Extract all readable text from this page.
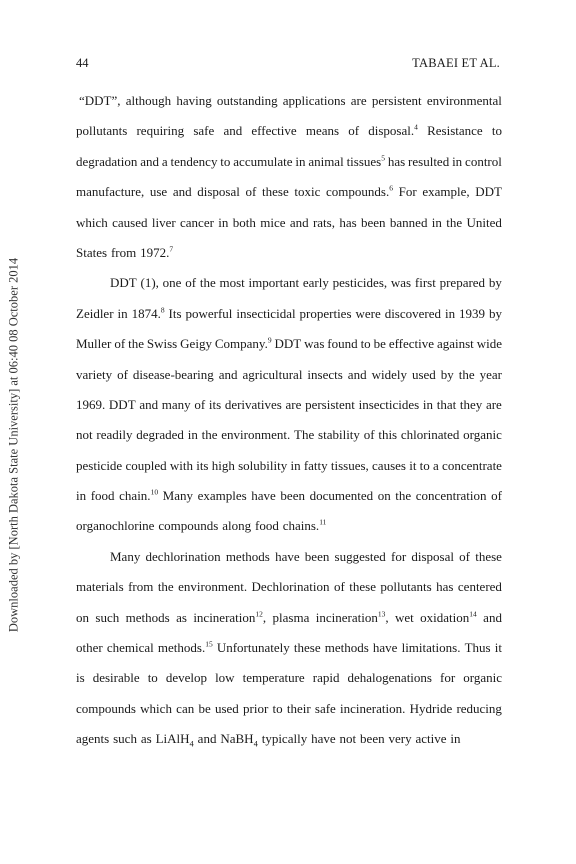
44	TABAEI ET AL.
Downloaded by [North Dakota State University] at 06:40 08 October 2014
“DDT”, although having outstanding applications are persistent environmental
pollutants requiring safe and effective means of disposal.$^4$ Resistance to
degradation and a tendency to accumulate in animal tissues$^5$ has resulted in control
manufacture, use and disposal of these toxic compounds.$^6$ For example, DDT
which caused liver cancer in both mice and rats, has been banned in the United
States from 1972.$^7$
DDT (1), one of the most important early pesticides, was first prepared by
Zeidler in 1874.$^8$ Its powerful insecticidal properties were discovered in 1939 by
Muller of the Swiss Geigy Company.$^9$ DDT was found to be effective against wide
variety of disease-bearing and agricultural insects and widely used by the year
1969. DDT and many of its derivatives are persistent insecticides in that they are
not readily degraded in the environment. The stability of this chlorinated organic
pesticide coupled with its high solubility in fatty tissues, causes it to a concentrate
in food chain.$^{10}$ Many examples have been documented on the concentration of
organochlorine compounds along food chains.$^{11}$
Many dechlorination methods have been suggested for disposal of these
materials from the environment. Dechlorination of these pollutants has centered
on such methods as incineration$^{12}$, plasma incineration$^{13}$, wet oxidation$^{14}$ and
other chemical methods.$^{15}$ Unfortunately these methods have limitations. Thus it
is desirable to develop low temperature rapid dehalogenations for organic
compounds which can be used prior to their safe incineration. Hydride reducing
agents such as LiAlH$_4$ and NaBH$_4$ typically have not been very active in
